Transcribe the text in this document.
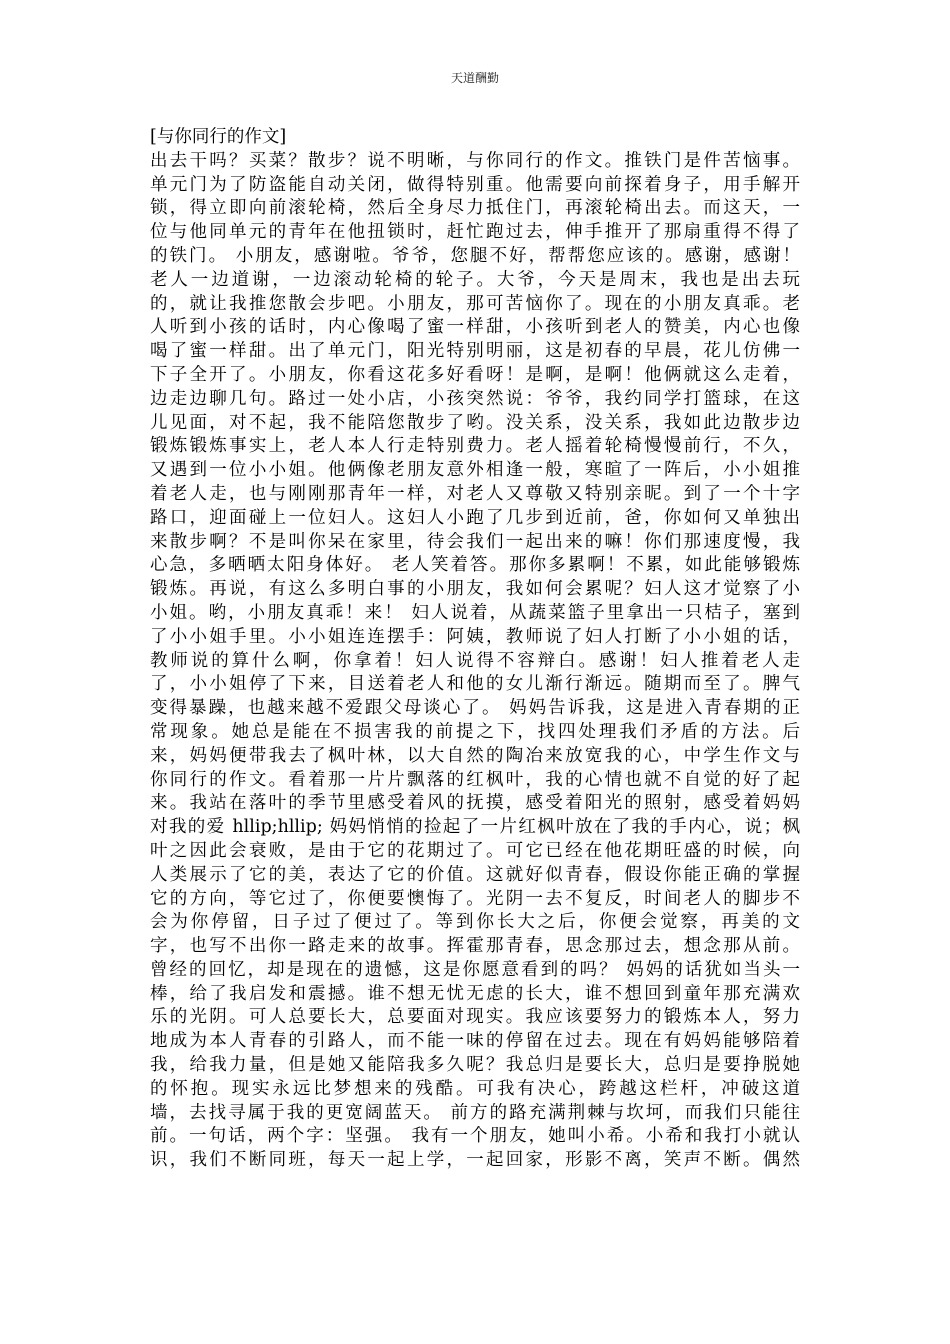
天道酬勤
[与你同行的作文]
出去干吗？买菜？散步？说不明晰，与你同行的作文。推铁门是件苦恼事。
单元门为了防盗能自动关闭，做得特别重。他需要向前探着身子，用手解开
锁，得立即向前滚轮椅，然后全身尽力抵住门，再滚轮椅出去。而这天，一
位与他同单元的青年在他扭锁时，赶忙跑过去，伸手推开了那扇重得不得了
的铁门。 小朋友，感谢啦。爷爷，您腿不好，帮帮您应该的。感谢，感谢！
老人一边道谢，一边滚动轮椅的轮子。大爷，今天是周末，我也是出去玩
的，就让我推您散会步吧。小朋友，那可苦恼你了。现在的小朋友真乖。老
人听到小孩的话时，内心像喝了蜜一样甜，小孩听到老人的赞美，内心也像
喝了蜜一样甜。出了单元门，阳光特别明丽，这是初春的早晨，花儿仿佛一
下子全开了。小朋友，你看这花多好看呀！是啊，是啊！他俩就这么走着，
边走边聊几句。路过一处小店，小孩突然说：爷爷，我约同学打篮球，在这
儿见面，对不起，我不能陪您散步了哟。没关系，没关系，我如此边散步边
锻炼锻炼事实上，老人本人行走特别费力。老人摇着轮椅慢慢前行，不久，
又遇到一位小小姐。他俩像老朋友意外相逢一般，寒暄了一阵后，小小姐推
着老人走，也与刚刚那青年一样，对老人又尊敬又特别亲昵。到了一个十字
路口，迎面碰上一位妇人。这妇人小跑了几步到近前，爸，你如何又单独出
来散步啊？不是叫你呆在家里，待会我们一起出来的嘛！你们那速度慢，我
心急，多晒晒太阳身体好。 老人笑着答。那你多累啊！不累，如此能够锻炼
锻炼。再说，有这么多明白事的小朋友，我如何会累呢？妇人这才觉察了小
小姐。哟，小朋友真乖！来！ 妇人说着，从蔬菜篮子里拿出一只桔子，塞到
了小小姐手里。小小姐连连摆手：阿姨，教师说了妇人打断了小小姐的话，
教师说的算什么啊，你拿着！妇人说得不容辩白。感谢！妇人推着老人走
了，小小姐停了下来，目送着老人和他的女儿渐行渐远。随期而至了。脾气
变得暴躁，也越来越不爱跟父母谈心了。 妈妈告诉我，这是进入青春期的正
常现象。她总是能在不损害我的前提之下，找四处理我们矛盾的方法。后
来，妈妈便带我去了枫叶林，以大自然的陶冶来放宽我的心，中学生作文与
你同行的作文。看着那一片片飘落的红枫叶，我的心情也就不自觉的好了起
来。我站在落叶的季节里感受着风的抚摸，感受着阳光的照射，感受着妈妈
对我的爱 hllip;hllip; 妈妈悄悄的捡起了一片红枫叶放在了我的手内心，说；枫
叶之因此会衰败，是由于它的花期过了。可它已经在他花期旺盛的时候，向
人类展示了它的美，表达了它的价值。这就好似青春，假设你能正确的掌握
它的方向，等它过了，你便要懊悔了。光阴一去不复反，时间老人的脚步不
会为你停留，日子过了便过了。等到你长大之后，你便会觉察，再美的文
字，也写不出你一路走来的故事。挥霍那青春，思念那过去，想念那从前。
曾经的回忆，却是现在的遗憾，这是你愿意看到的吗？ 妈妈的话犹如当头一
棒，给了我启发和震撼。谁不想无忧无虑的长大，谁不想回到童年那充满欢
乐的光阴。可人总要长大，总要面对现实。我应该要努力的锻炼本人，努力
地成为本人青春的引路人，而不能一味的停留在过去。现在有妈妈能够陪着
我，给我力量，但是她又能陪我多久呢？我总归是要长大，总归是要挣脱她
的怀抱。现实永远比梦想来的残酷。可我有决心，跨越这栏杆，冲破这道
墙，去找寻属于我的更宽阔蓝天。 前方的路充满荆棘与坎坷，而我们只能往
前。一句话，两个字：坚强。 我有一个朋友，她叫小希。小希和我打小就认
识，我们不断同班，每天一起上学，一起回家，形影不离，笑声不断。偶然
